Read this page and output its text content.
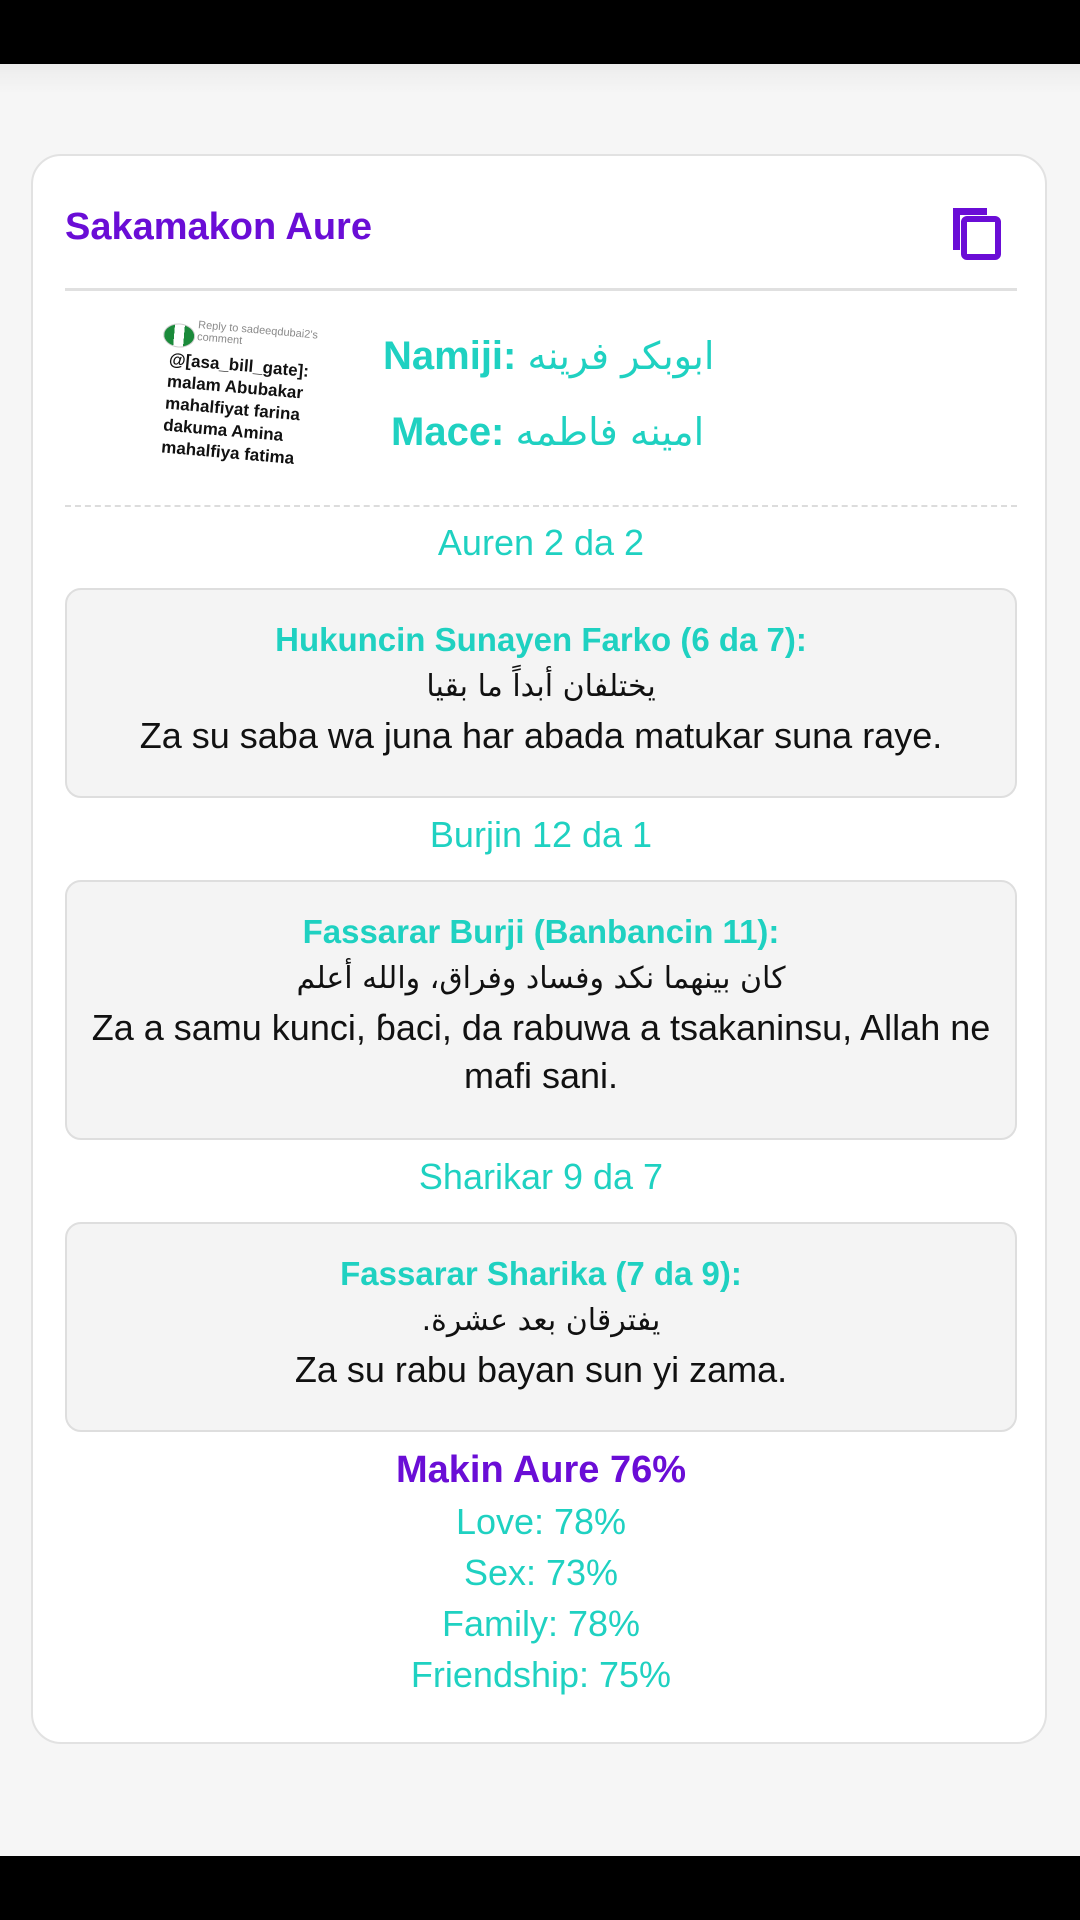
Sakamakon Aure
Reply to sadeeqdubai2's comment
@[asa_bill_gate]: malam Abubakar mahalfiyat farina dakuma Amina mahalfiya fatima
Namiji: ابوبكر فرينه
Mace: امينه فاطمه

Auren 2 da 2

Hukuncin Sunayen Farko (6 da 7):
يختلفان أبداً ما بقيا
Za su saba wa juna har abada matukar suna raye.

Burjin 12 da 1

Fassarar Burji (Banbancin 11):
كان بينهما نكد وفساد وفراق، والله أعلم
Za a samu kunci, ɓaci, da rabuwa a tsakaninsu, Allah ne mafi sani.

Sharikar 9 da 7

Fassarar Sharika (7 da 9):
يفترقان بعد عشرة.
Za su rabu bayan sun yi zama.
Makin Aure 76%
Love: 78%
Sex: 73%
Family: 78%
Friendship: 75%
